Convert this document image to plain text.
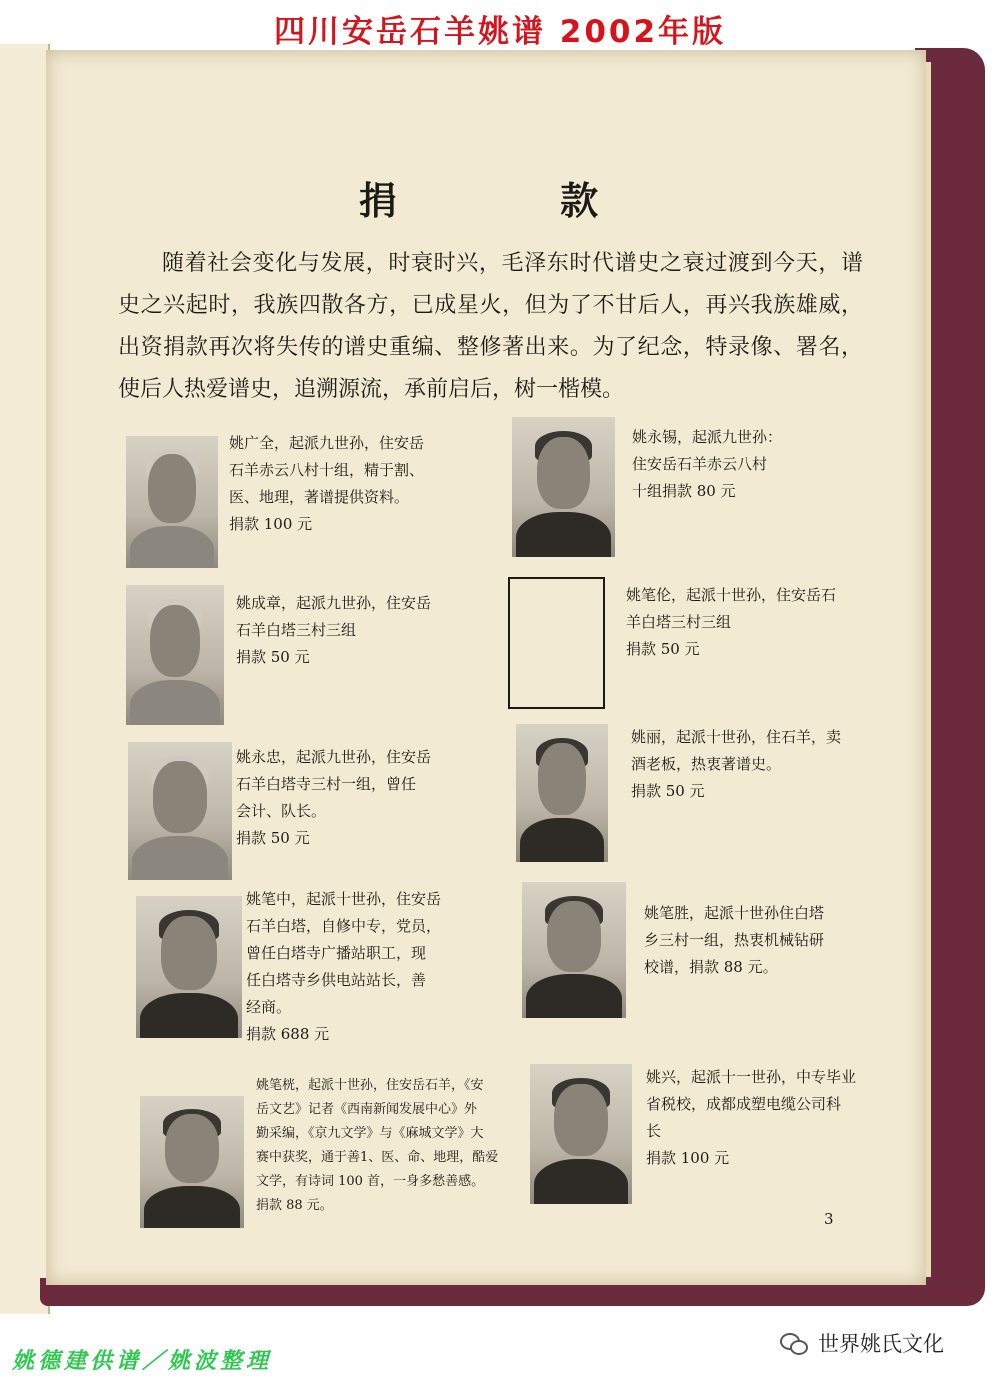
四川安岳石羊姚谱 2002年版
捐 款
随着社会变化与发展，时衰时兴，毛泽东时代谱史之衰过渡到今天，谱史之兴起时，我族四散各方，已成星火，但为了不甘后人，再兴我族雄威，出资捐款再次将失传的谱史重编、整修著出来。为了纪念，特录像、署名，使后人热爱谱史，追溯源流，承前启后，树一楷模。
姚广全，起派九世孙，住安岳
石羊赤云八村十组，精于割、
医、地理，著谱提供资料。
捐款 100 元
姚永锡，起派九世孙：
住安岳石羊赤云八村
十组捐款 80 元
姚成章，起派九世孙，住安岳
石羊白塔三村三组
捐款 50 元
姚笔伦，起派十世孙，住安岳石
羊白塔三村三组
捐款 50 元
姚永忠，起派九世孙，住安岳
石羊白塔寺三村一组，曾任
会计、队长。
捐款 50 元
姚丽，起派十世孙，住石羊，卖
酒老板，热衷著谱史。
捐款 50 元
姚笔中，起派十世孙，住安岳
石羊白塔，自修中专，党员，
曾任白塔寺广播站职工，现
任白塔寺乡供电站站长，善
经商。
捐款 688 元
姚笔胜，起派十世孙住白塔
乡三村一组，热衷机械钻研
校谱，捐款 88 元。
姚笔桄，起派十世孙，住安岳石羊，《安
岳文艺》记者《西南新闻发展中心》外
勤采编，《京九文学》与《麻城文学》大
赛中获奖，通于善1、医、命、地理，酷爱
文学，有诗词 100 首，一身多愁善感。
捐款 88 元。
姚兴，起派十一世孙，中专毕业
省税校，成都成塑电缆公司科
长
捐款 100 元
3
姚德建供谱／姚波整理
世界姚氏文化
